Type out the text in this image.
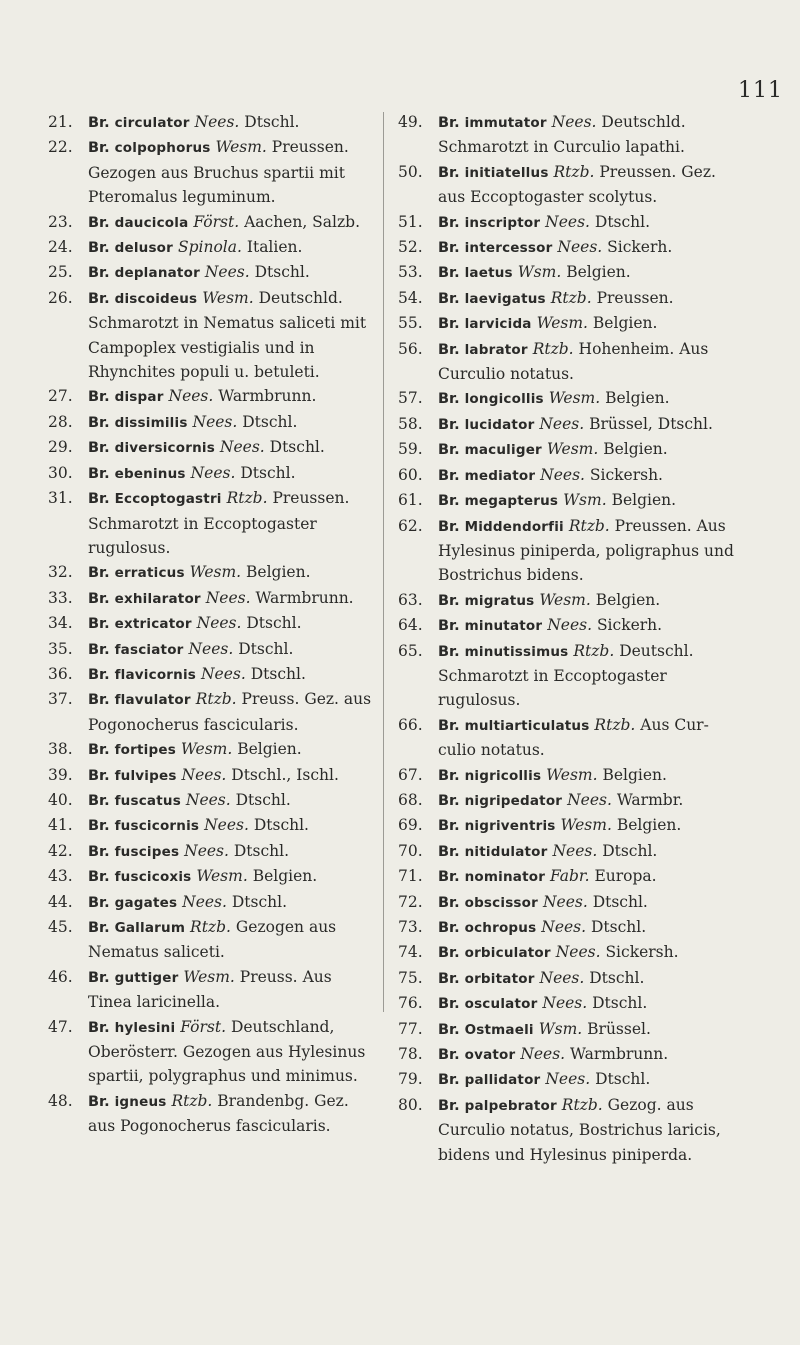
111
21.	Br. circulator Nees. Dtschl.
22.	Br. colpophorus Wesm. Preussen. Gezogen aus Bruchus spartii mit Pteromalus leguminum.
23.	Br. daucicola Först. Aachen, Salzb.
24.	Br. delusor Spinola. Italien.
25.	Br. deplanator Nees. Dtschl.
26.	Br. discoideus Wesm. Deutschld. Schmarotzt in Nematus saliceti mit Campoplex vestigialis und in Rhynchites populi u. betuleti.
27.	Br. dispar Nees. Warmbrunn.
28.	Br. dissimilis Nees. Dtschl.
29.	Br. diversicornis Nees. Dtschl.
30.	Br. ebeninus Nees. Dtschl.
31.	Br. Eccoptogastri Rtzb. Preussen. Schmarotzt in Eccoptogaster rugulosus.
32.	Br. erraticus Wesm. Belgien.
33.	Br. exhilarator Nees. Warmbrunn.
34.	Br. extricator Nees. Dtschl.
35.	Br. fasciator Nees. Dtschl.
36.	Br. flavicornis Nees. Dtschl.
37.	Br. flavulator Rtzb. Preuss. Gez. aus Pogonocherus fascicularis.
38.	Br. fortipes Wesm. Belgien.
39.	Br. fulvipes Nees. Dtschl., Ischl.
40.	Br. fuscatus Nees. Dtschl.
41.	Br. fuscicornis Nees. Dtschl.
42.	Br. fuscipes Nees. Dtschl.
43.	Br. fuscicoxis Wesm. Belgien.
44.	Br. gagates Nees. Dtschl.
45.	Br. Gallarum Rtzb. Gezogen aus Nematus saliceti.
46.	Br. guttiger Wesm. Preuss. Aus Tinea laricinella.
47.	Br. hylesini Först. Deutschland, Oberösterr. Gezogen aus Hylesinus spartii, polygraphus und minimus.
48.	Br. igneus Rtzb. Brandenbg. Gez. aus Pogonocherus fascicularis.
49.	Br. immutator Nees. Deutschld. Schmarotzt in Curculio lapathi.
50.	Br. initiatellus Rtzb. Preussen. Gez. aus Eccoptogaster scolytus.
51.	Br. inscriptor Nees. Dtschl.
52.	Br. intercessor Nees. Sickerh.
53.	Br. laetus Wsm. Belgien.
54.	Br. laevigatus Rtzb. Preussen.
55.	Br. larvicida Wesm. Belgien.
56.	Br. labrator Rtzb. Hohenheim. Aus Curculio notatus.
57.	Br. longicollis Wesm. Belgien.
58.	Br. lucidator Nees. Brüssel, Dtschl.
59.	Br. maculiger Wesm. Belgien.
60.	Br. mediator Nees. Sickersh.
61.	Br. megapterus Wsm. Belgien.
62.	Br. Middendorfii Rtzb. Preussen. Aus Hylesinus piniperda, poligraphus und Bostrichus bidens.
63.	Br. migratus Wesm. Belgien.
64.	Br. minutator Nees. Sickerh.
65.	Br. minutissimus Rtzb. Deutschl. Schmarotzt in Eccoptogaster rugulosus.
66.	Br. multiarticulatus Rtzb. Aus Cur- culio notatus.
67.	Br. nigricollis Wesm. Belgien.
68.	Br. nigripedator Nees. Warmbr.
69.	Br. nigriventris Wesm. Belgien.
70.	Br. nitidulator Nees. Dtschl.
71.	Br. nominator Fabr. Europa.
72.	Br. obscissor Nees. Dtschl.
73.	Br. ochropus Nees. Dtschl.
74.	Br. orbiculator Nees. Sickersh.
75.	Br. orbitator Nees. Dtschl.
76.	Br. osculator Nees. Dtschl.
77.	Br. Ostmaeli Wsm. Brüssel.
78.	Br. ovator Nees. Warmbrunn.
79.	Br. pallidator Nees. Dtschl.
80.	Br. palpebrator Rtzb. Gezog. aus Curculio notatus, Bostrichus laricis, bidens und Hylesinus piniperda.
